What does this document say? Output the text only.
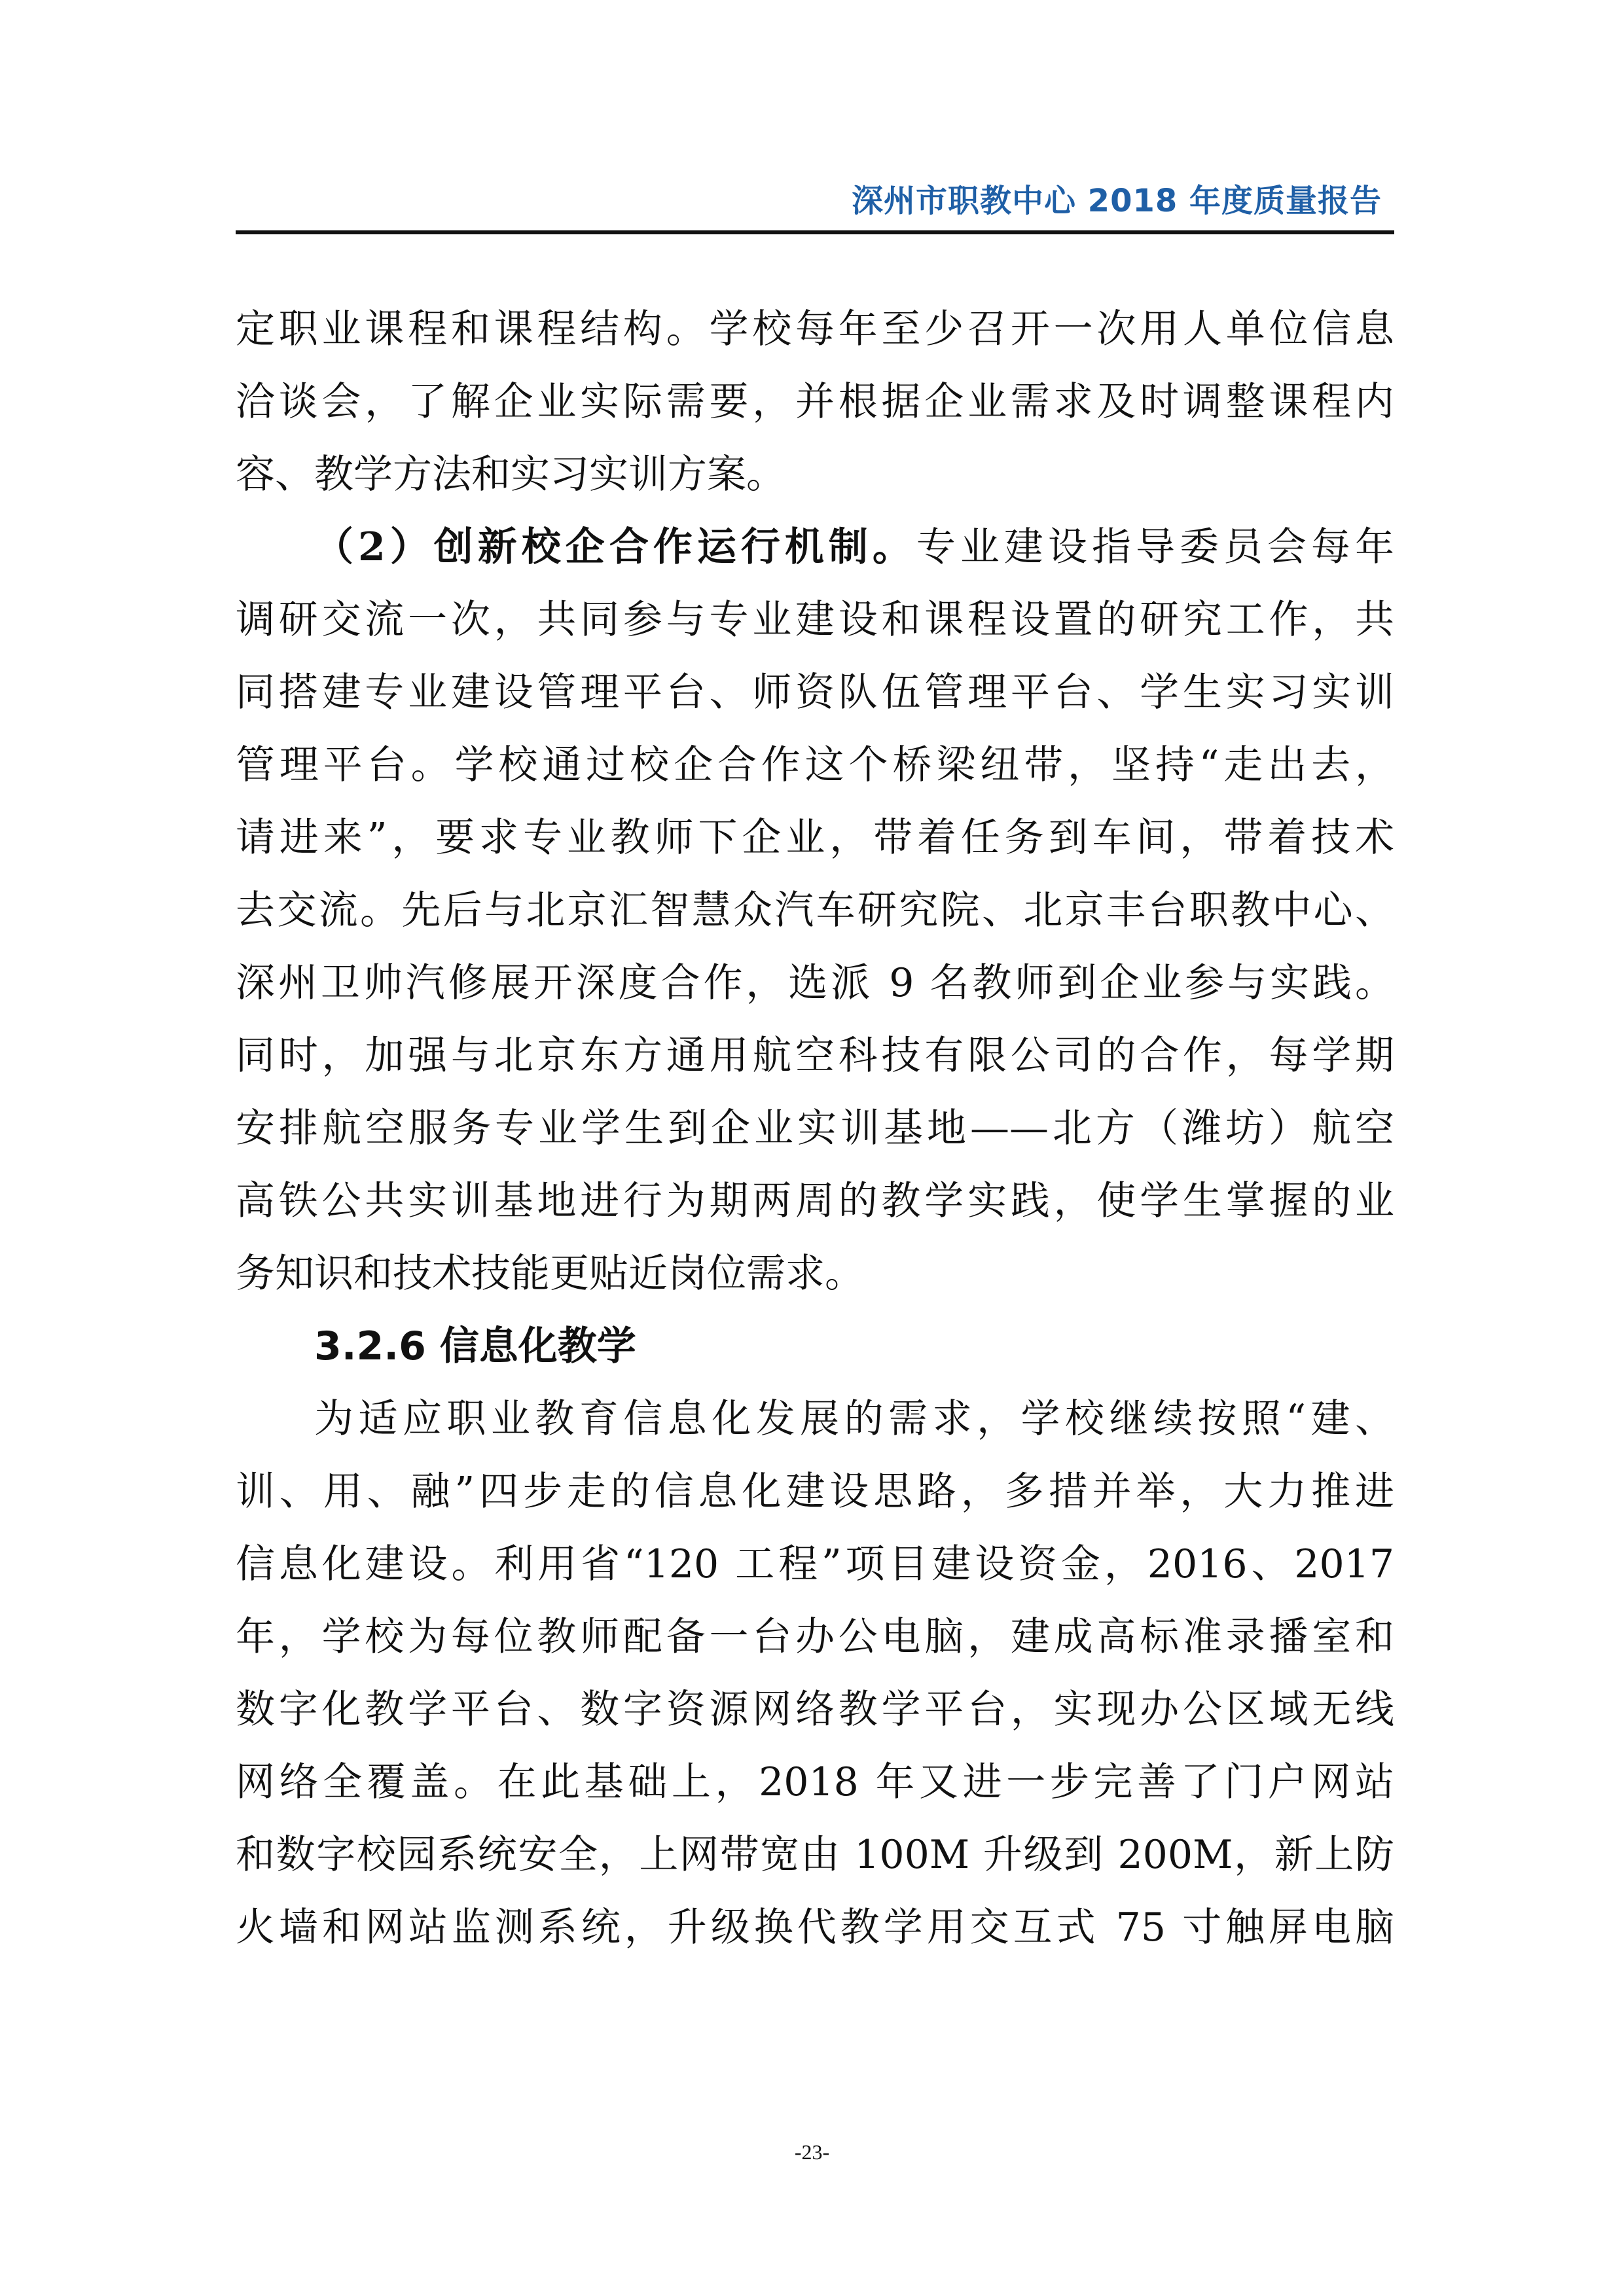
深州市职教中心 2018 年度质量报告
定职业课程和课程结构。学校每年至少召开一次用人单位信息
洽谈会，了解企业实际需要，并根据企业需求及时调整课程内
容、教学方法和实习实训方案。
（2）创新校企合作运行机制。专业建设指导委员会每年
调研交流一次，共同参与专业建设和课程设置的研究工作，共
同搭建专业建设管理平台、师资队伍管理平台、学生实习实训
管理平台。学校通过校企合作这个桥梁纽带，坚持“走出去，
请进来”，要求专业教师下企业，带着任务到车间，带着技术
去交流。先后与北京汇智慧众汽车研究院、北京丰台职教中心、
深州卫帅汽修展开深度合作，选派 9 名教师到企业参与实践。
同时，加强与北京东方通用航空科技有限公司的合作，每学期
安排航空服务专业学生到企业实训基地——北方（潍坊）航空
高铁公共实训基地进行为期两周的教学实践，使学生掌握的业
务知识和技术技能更贴近岗位需求。
3.2.6 信息化教学
为适应职业教育信息化发展的需求，学校继续按照“建、
训、用、融”四步走的信息化建设思路，多措并举，大力推进
信息化建设。利用省“120 工程”项目建设资金，2016、2017
年，学校为每位教师配备一台办公电脑，建成高标准录播室和
数字化教学平台、数字资源网络教学平台，实现办公区域无线
网络全覆盖。在此基础上，2018 年又进一步完善了门户网站
和数字校园系统安全，上网带宽由 100M 升级到 200M，新上防
火墙和网站监测系统，升级换代教学用交互式 75 寸触屏电脑
-23-
